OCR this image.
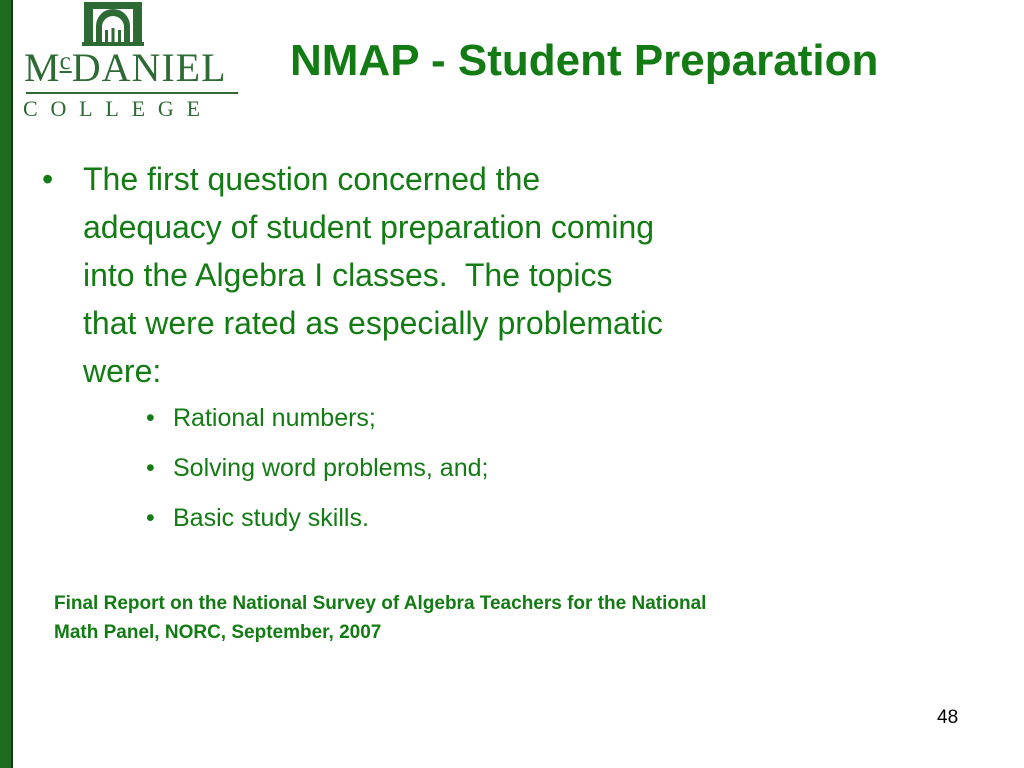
$M^cDANIEL$
COLLEGE
NMAP - Student Preparation
• The first question concerned the
adequacy of student preparation coming
into the Algebra I classes.  The topics
that were rated as especially problematic
were:
• Rational numbers;
• Solving word problems, and;
• Basic study skills.
Final Report on the National Survey of Algebra Teachers for the National
Math Panel, NORC, September, 2007
48
